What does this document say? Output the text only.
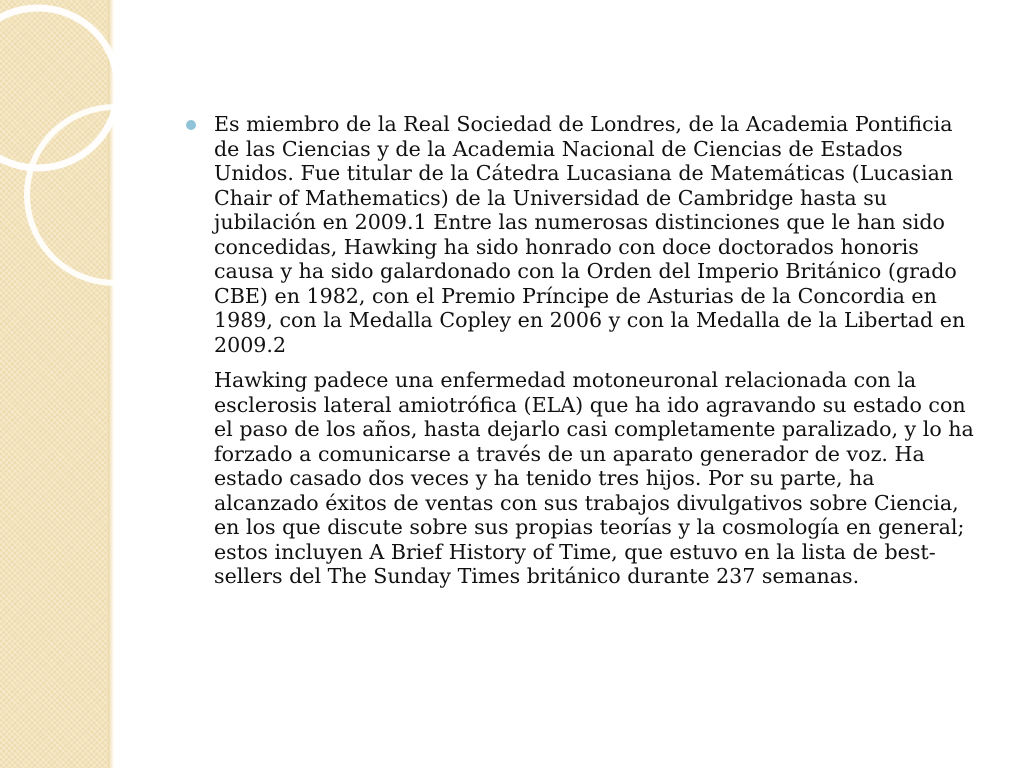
Es miembro de la Real Sociedad de Londres, de la Academia Pontificia de las Ciencias y de la Academia Nacional de Ciencias de Estados Unidos. Fue titular de la Cátedra Lucasiana de Matemáticas (Lucasian Chair of Mathematics) de la Universidad de Cambridge hasta su jubilación en 2009.1 Entre las numerosas distinciones que le han sido concedidas, Hawking ha sido honrado con doce doctorados honoris causa y ha sido galardonado con la Orden del Imperio Británico (grado CBE) en 1982, con el Premio Príncipe de Asturias de la Concordia en 1989, con la Medalla Copley en 2006 y con la Medalla de la Libertad en 2009.2

Hawking padece una enfermedad motoneuronal relacionada con la esclerosis lateral amiotrófica (ELA) que ha ido agravando su estado con el paso de los años, hasta dejarlo casi completamente paralizado, y lo ha forzado a comunicarse a través de un aparato generador de voz. Ha estado casado dos veces y ha tenido tres hijos. Por su parte, ha alcanzado éxitos de ventas con sus trabajos divulgativos sobre Ciencia, en los que discute sobre sus propias teorías y la cosmología en general; estos incluyen A Brief History of Time, que estuvo en la lista de best-sellers del The Sunday Times británico durante 237 semanas.
